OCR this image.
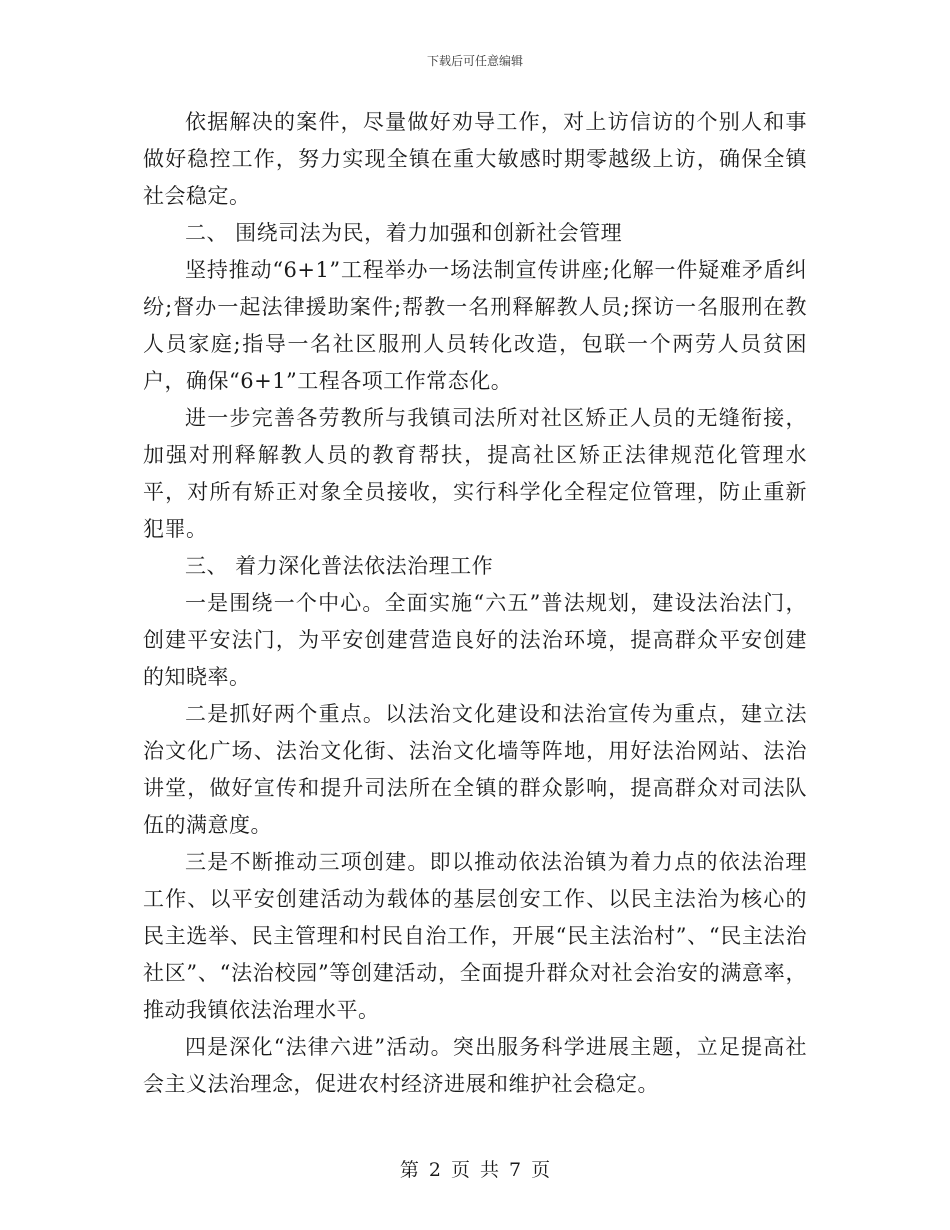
下载后可任意编辑

依据解决的案件，尽量做好劝导工作，对上访信访的个别人和事做好稳控工作，努力实现全镇在重大敏感时期零越级上访，确保全镇社会稳定。

二、 围绕司法为民，着力加强和创新社会管理

坚持推动“6+1”工程举办一场法制宣传讲座;化解一件疑难矛盾纠纷;督办一起法律援助案件;帮教一名刑释解教人员;探访一名服刑在教人员家庭;指导一名社区服刑人员转化改造，包联一个两劳人员贫困户，确保“6+1”工程各项工作常态化。

进一步完善各劳教所与我镇司法所对社区矫正人员的无缝衔接，加强对刑释解教人员的教育帮扶，提高社区矫正法律规范化管理水平，对所有矫正对象全员接收，实行科学化全程定位管理，防止重新犯罪。

三、 着力深化普法依法治理工作

一是围绕一个中心。全面实施“六五”普法规划，建设法治法门，创建平安法门，为平安创建营造良好的法治环境，提高群众平安创建的知晓率。

二是抓好两个重点。以法治文化建设和法治宣传为重点，建立法治文化广场、法治文化街、法治文化墙等阵地，用好法治网站、法治讲堂，做好宣传和提升司法所在全镇的群众影响，提高群众对司法队伍的满意度。

三是不断推动三项创建。即以推动依法治镇为着力点的依法治理工作、以平安创建活动为载体的基层创安工作、以民主法治为核心的民主选举、民主管理和村民自治工作，开展“民主法治村”、“民主法治社区”、“法治校园”等创建活动，全面提升群众对社会治安的满意率，推动我镇依法治理水平。

四是深化“法律六进”活动。突出服务科学进展主题，立足提高社会主义法治理念，促进农村经济进展和维护社会稳定。

第 2 页 共 7 页
